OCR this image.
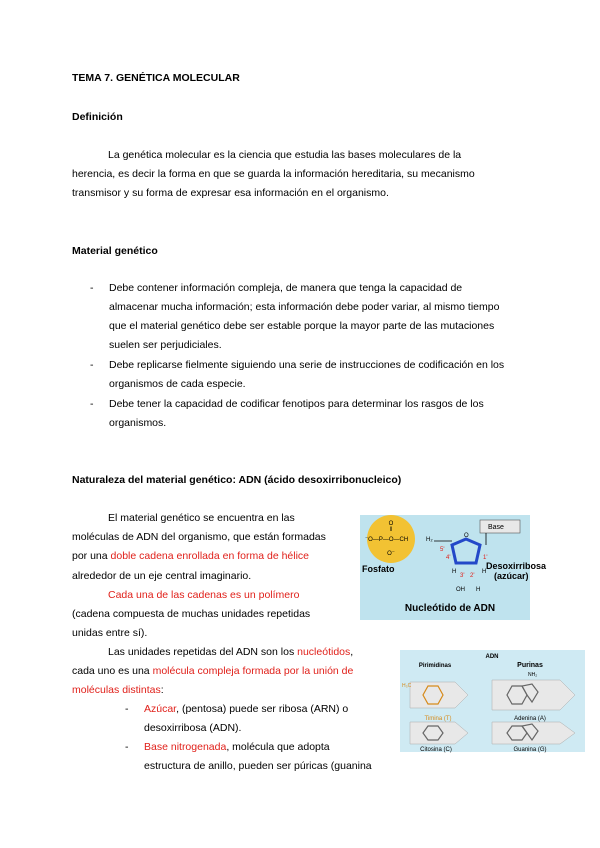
TEMA 7. GENÉTICA MOLECULAR
Definición
La genética molecular es la ciencia que estudia las bases moleculares de la
herencia, es decir la forma en que se guarda la información hereditaria, su mecanismo
transmisor y su forma de expresar esa información en el organismo.
Material genético
- Debe contener información compleja, de manera que tenga la capacidad de
almacenar mucha información; esta información debe poder variar, al mismo tiempo
que el material genético debe ser estable porque la mayor parte de las mutaciones
suelen ser perjudiciales.
- Debe replicarse fielmente siguiendo una serie de instrucciones de codificación en los
organismos de cada especie.
- Debe tener la capacidad de codificar fenotipos para determinar los rasgos de los
organismos.
Naturaleza del material genético: ADN (ácido desoxirribonucleico)
El material genético se encuentra en las
moléculas de ADN del organismo, que están formadas
por una doble cadena enrollada en forma de hélice
alrededor de un eje central imaginario.
Cada una de las cadenas es un polímero
(cadena compuesta de muchas unidades repetidas
unidas entre sí).
Las unidades repetidas del ADN son los nucleótidos,
cada uno es una molécula compleja formada por la unión de
moléculas distintas:
- Azúcar, (pentosa) puede ser ribosa (ARN) o
desoxirribosa (ADN).
- Base nitrogenada, molécula que adopta
estructura de anillo, pueden ser púricas (guanina
O
‖
⁻O—P—O—CH
O⁻
H₂
5'
4'	1'
3' 2'
O
H	H
OH H
Base
Fosfato	Desoxirribosa
(azúcar)
Nucleótido de ADN
ADN
Pirimidinas	Purinas
H₃C
Timina (T)
NH₂
Adenina (A)
Citosina (C)	Guanina (G)
